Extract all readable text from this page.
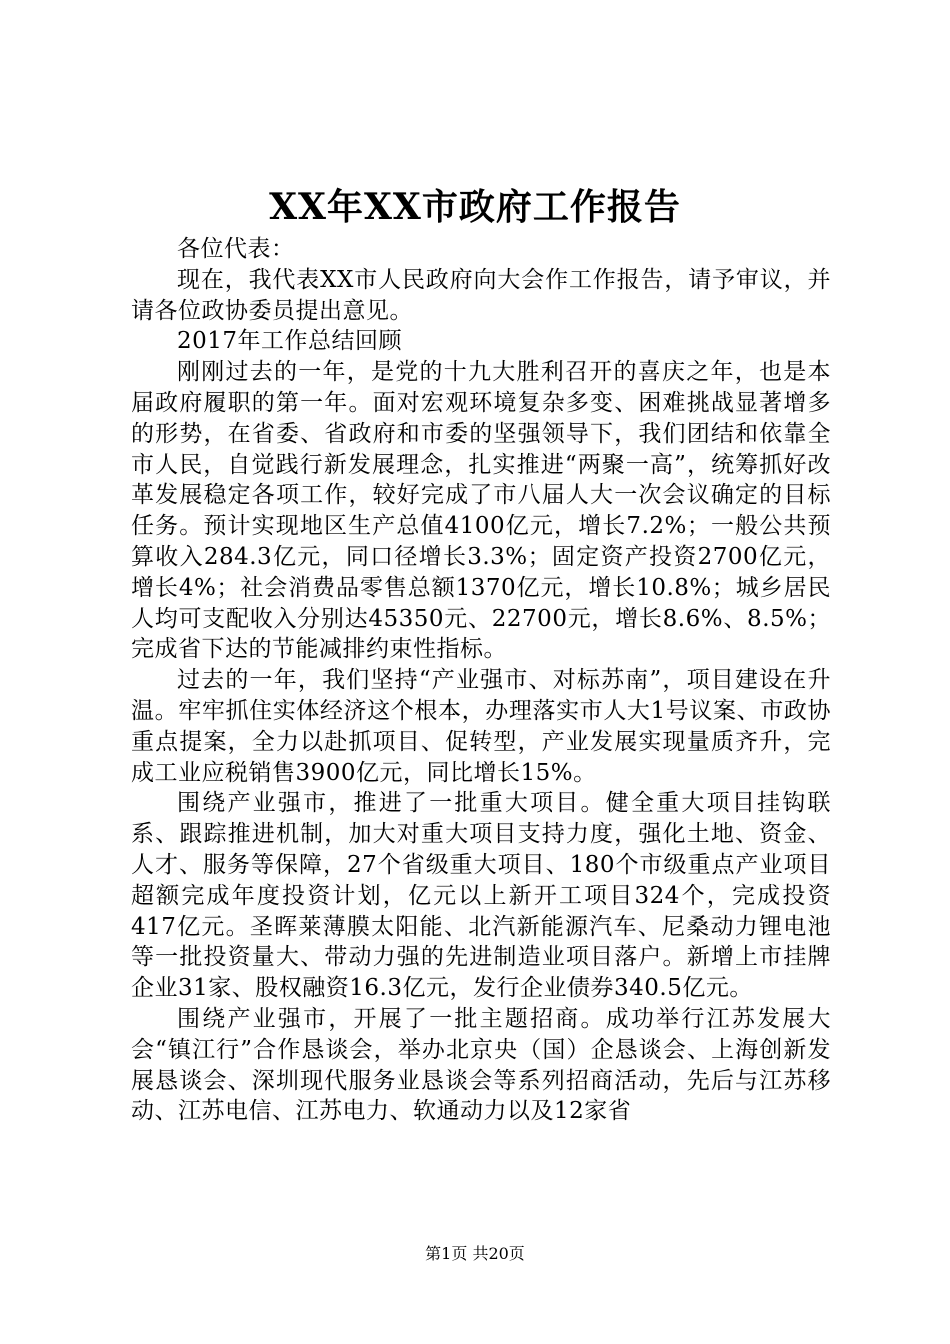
XX年XX市政府工作报告

各位代表：

现在，我代表XX市人民政府向大会作工作报告，请予审议，并请各位政协委员提出意见。

2017年工作总结回顾

刚刚过去的一年，是党的十九大胜利召开的喜庆之年，也是本届政府履职的第一年。面对宏观环境复杂多变、困难挑战显著增多的形势，在省委、省政府和市委的坚强领导下，我们团结和依靠全市人民，自觉践行新发展理念，扎实推进“两聚一高”，统筹抓好改革发展稳定各项工作，较好完成了市八届人大一次会议确定的目标任务。预计实现地区生产总值4100亿元，增长7.2%；一般公共预算收入284.3亿元，同口径增长3.3%；固定资产投资2700亿元，增长4%；社会消费品零售总额1370亿元，增长10.8%；城乡居民人均可支配收入分别达45350元、22700元，增长8.6%、8.5%；完成省下达的节能减排约束性指标。

过去的一年，我们坚持“产业强市、对标苏南”，项目建设在升温。牢牢抓住实体经济这个根本，办理落实市人大1号议案、市政协重点提案，全力以赴抓项目、促转型，产业发展实现量质齐升，完成工业应税销售3900亿元，同比增长15%。

围绕产业强市，推进了一批重大项目。健全重大项目挂钩联系、跟踪推进机制，加大对重大项目支持力度，强化土地、资金、人才、服务等保障，27个省级重大项目、180个市级重点产业项目超额完成年度投资计划，亿元以上新开工项目324个，完成投资417亿元。圣晖莱薄膜太阳能、北汽新能源汽车、尼桑动力锂电池等一批投资量大、带动力强的先进制造业项目落户。新增上市挂牌企业31家、股权融资16.3亿元，发行企业债券340.5亿元。

围绕产业强市，开展了一批主题招商。成功举行江苏发展大会“镇江行”合作恳谈会，举办北京央（国）企恳谈会、上海创新发展恳谈会、深圳现代服务业恳谈会等系列招商活动，先后与江苏移动、江苏电信、江苏电力、软通动力以及12家省

第1页 共20页
